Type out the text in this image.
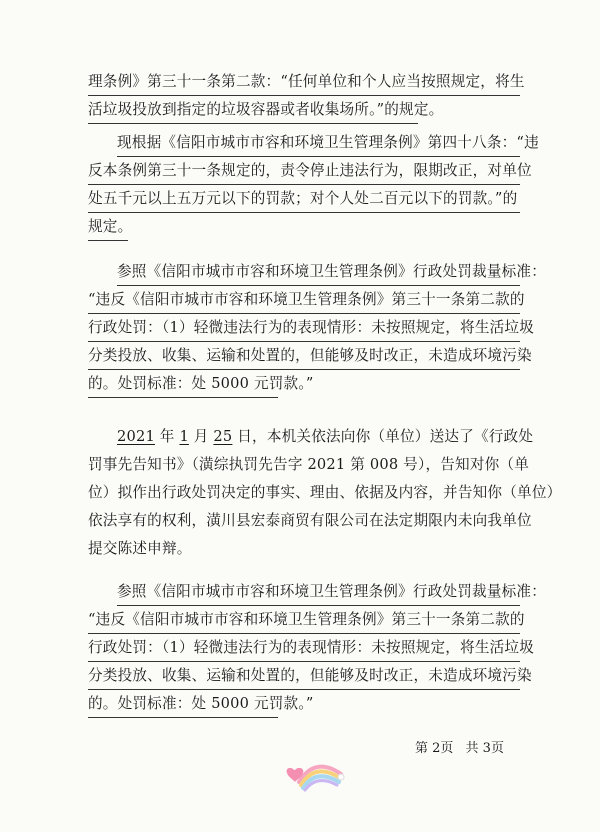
理条例》第三十一条第二款：“任何单位和个人应当按照规定，将生
活垃圾投放到指定的垃圾容器或者收集场所。”的规定。
现根据《信阳市城市市容和环境卫生管理条例》第四十八条：“违
反本条例第三十一条规定的，责令停止违法行为，限期改正，对单位
处五千元以上五万元以下的罚款；对个人处二百元以下的罚款。”的
规定。
参照《信阳市城市市容和环境卫生管理条例》行政处罚裁量标准：
“违反《信阳市城市市容和环境卫生管理条例》第三十一条第二款的
行政处罚：（1）轻微违法行为的表现情形：未按照规定，将生活垃圾
分类投放、收集、运输和处置的，但能够及时改正，未造成环境污染
的。处罚标准：处 5000 元罚款。”
2021 年 1 月 25 日，本机关依法向你（单位）送达了《行政处
罚事先告知书》（潢综执罚先告字 2021 第 008 号），告知对你（单
位）拟作出行政处罚决定的事实、理由、依据及内容，并告知你（单位）
依法享有的权利，潢川县宏泰商贸有限公司在法定期限内未向我单位
提交陈述申辩。
参照《信阳市城市市容和环境卫生管理条例》行政处罚裁量标准：
“违反《信阳市城市市容和环境卫生管理条例》第三十一条第二款的
行政处罚：（1）轻微违法行为的表现情形：未按照规定，将生活垃圾
分类投放、收集、运输和处置的，但能够及时改正，未造成环境污染
的。处罚标准：处 5000 元罚款。”
第 2页 共 3页
